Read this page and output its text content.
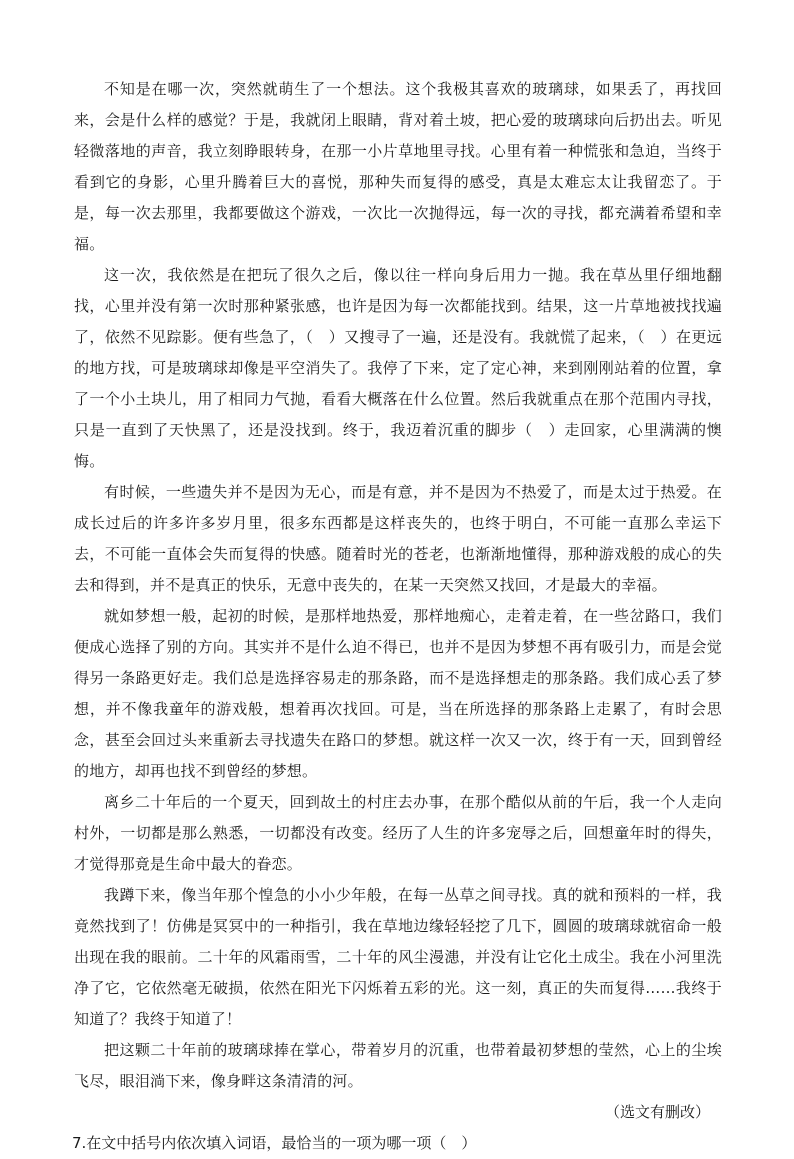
不知是在哪一次，突然就萌生了一个想法。这个我极其喜欢的玻璃球，如果丢了，再找回来，会是什么样的感觉？于是，我就闭上眼睛，背对着土坡，把心爱的玻璃球向后扔出去。听见轻微落地的声音，我立刻睁眼转身，在那一小片草地里寻找。心里有着一种慌张和急迫，当终于看到它的身影，心里升腾着巨大的喜悦，那种失而复得的感受，真是太难忘太让我留恋了。于是，每一次去那里，我都要做这个游戏，一次比一次抛得远，每一次的寻找，都充满着希望和幸福。

这一次，我依然是在把玩了很久之后，像以往一样向身后用力一抛。我在草丛里仔细地翻找，心里并没有第一次时那种紧张感，也许是因为每一次都能找到。结果，这一片草地被找找遍了，依然不见踪影。便有些急了，（　）又搜寻了一遍，还是没有。我就慌了起来，（　）在更远的地方找，可是玻璃球却像是平空消失了。我停了下来，定了定心神，来到刚刚站着的位置，拿了一个小土块儿，用了相同力气抛，看看大概落在什么位置。然后我就重点在那个范围内寻找，只是一直到了天快黑了，还是没找到。终于，我迈着沉重的脚步（　）走回家，心里满满的懊悔。

有时候，一些遗失并不是因为无心，而是有意，并不是因为不热爱了，而是太过于热爱。在成长过后的许多许多岁月里，很多东西都是这样丧失的，也终于明白，不可能一直那么幸运下去，不可能一直体会失而复得的快感。随着时光的苍老，也渐渐地懂得，那种游戏般的成心的失去和得到，并不是真正的快乐，无意中丧失的，在某一天突然又找回，才是最大的幸福。

就如梦想一般，起初的时候，是那样地热爱，那样地痴心，走着走着，在一些岔路口，我们便成心选择了别的方向。其实并不是什么迫不得已，也并不是因为梦想不再有吸引力，而是会觉得另一条路更好走。我们总是选择容易走的那条路，而不是选择想走的那条路。我们成心丢了梦想，并不像我童年的游戏般，想着再次找回。可是，当在所选择的那条路上走累了，有时会思念，甚至会回过头来重新去寻找遗失在路口的梦想。就这样一次又一次，终于有一天，回到曾经的地方，却再也找不到曾经的梦想。

离乡二十年后的一个夏天，回到故土的村庄去办事，在那个酷似从前的午后，我一个人走向村外，一切都是那么熟悉，一切都没有改变。经历了人生的许多宠辱之后，回想童年时的得失，才觉得那竟是生命中最大的眷恋。

我蹲下来，像当年那个惶急的小小少年般，在每一丛草之间寻找。真的就和预料的一样，我竟然找到了！仿佛是冥冥中的一种指引，我在草地边缘轻轻挖了几下，圆圆的玻璃球就宿命一般出现在我的眼前。二十年的风霜雨雪，二十年的风尘漫漶，并没有让它化土成尘。我在小河里洗净了它，它依然毫无破损，依然在阳光下闪烁着五彩的光。这一刻，真正的失而复得……我终于知道了？我终于知道了！

把这颗二十年前的玻璃球捧在掌心，带着岁月的沉重，也带着最初梦想的莹然，心上的尘埃飞尽，眼泪淌下来，像身畔这条清清的河。

（选文有删改）

7.在文中括号内依次填入词语，最恰当的一项为哪一项（　）
